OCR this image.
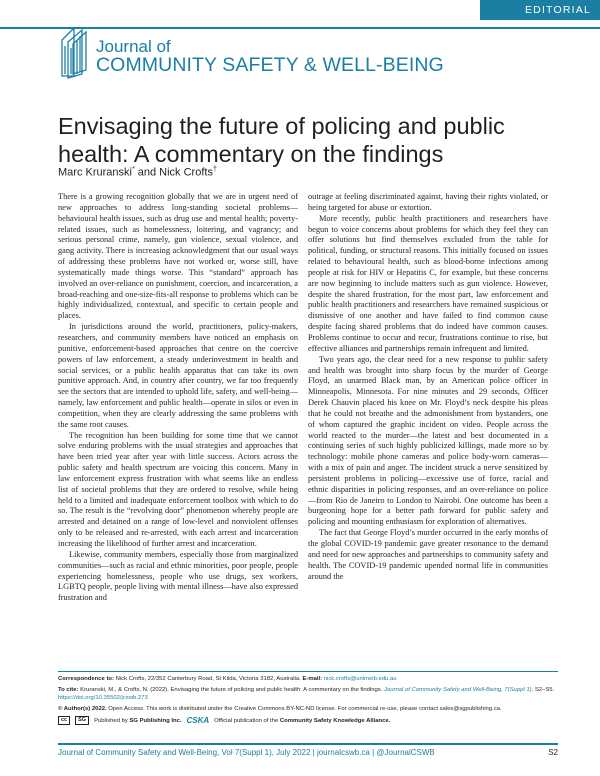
EDITORIAL
Journal of
COMMUNITY SAFETY & WELL-BEING
Envisaging the future of policing and public health: A commentary on the findings
Marc Kruranski* and Nick Crofts†

There is a growing recognition globally that we are in urgent need of new approaches to address long-standing societal problems—behavioural health issues, such as drug use and mental health; poverty-related issues, such as homelessness, loitering, and vagrancy; and serious personal crime, namely, gun violence, sexual violence, and gang activity. There is increasing acknowledgment that our usual ways of addressing these problems have not worked or, worse still, have systematically made things worse. This “standard” approach has involved an over-reliance on punishment, coercion, and incarceration, a broad-reaching and one-size-fits-all response to problems which can be highly individualized, contextual, and specific to certain people and places.

In jurisdictions around the world, practitioners, policy-makers, researchers, and community members have noticed an emphasis on punitive, enforcement-based approaches that centre on the coercive powers of law enforcement, a steady underinvestment in health and social services, or a public health apparatus that can take its own punitive approach. And, in country after country, we far too frequently see the sectors that are intended to uphold life, safety, and well-being—namely, law enforcement and public health—operate in silos or even in competition, when they are clearly addressing the same problems with the same root causes.

The recognition has been building for some time that we cannot solve enduring problems with the usual strategies and approaches that have been tried year after year with little success. Actors across the public safety and health spectrum are voicing this concern. Many in law enforcement express frustration with what seems like an endless list of societal problems that they are ordered to resolve, while being held to a limited and inadequate enforcement toolbox with which to do so. The result is the “revolving door” phenomenon whereby people are arrested and detained on a range of low-level and nonviolent offenses only to be released and re-arrested, with each arrest and incarceration increasing the likelihood of further arrest and incarceration.

Likewise, community members, especially those from marginalized communities—such as racial and ethnic minorities, poor people, people experiencing homelessness, people who use drugs, sex workers, LGBTQ people, people living with mental illness—have also expressed frustration and

outrage at feeling discriminated against, having their rights violated, or being targeted for abuse or extortion.

More recently, public health practitioners and researchers have begun to voice concerns about problems for which they feel they can offer solutions but find themselves excluded from the table for political, funding, or structural reasons. This initially focused on issues related to behavioural health, such as blood-borne infections among people at risk for HIV or Hepatitis C, for example, but these concerns are now beginning to include matters such as gun violence. However, despite the shared frustration, for the most part, law enforcement and public health practitioners and researchers have remained suspicious or dismissive of one another and have failed to find common cause despite facing shared problems that do indeed have common causes. Problems continue to occur and recur, frustrations continue to rise, but effective alliances and partnerships remain infrequent and limited.

Two years ago, the clear need for a new response to public safety and health was brought into sharp focus by the murder of George Floyd, an unarmed Black man, by an American police officer in Minneapolis, Minnesota. For nine minutes and 29 seconds, Officer Derek Chauvin placed his knee on Mr. Floyd’s neck despite his pleas that he could not breathe and the admonishment from bystanders, one of whom captured the graphic incident on video. People across the world reacted to the murder—the latest and best documented in a continuing series of such highly publicized killings, made more so by technology: mobile phone cameras and police body-worn cameras—with a mix of pain and anger. The incident struck a nerve sensitized by persistent problems in policing—excessive use of force, racial and ethnic disparities in policing responses, and an over-reliance on police—from Rio de Janeiro to London to Nairobi. One outcome has been a burgeoning hope for a better path forward for public safety and policing and mounting enthusiasm for exploration of alternatives.

The fact that George Floyd’s murder occurred in the early months of the global COVID-19 pandemic gave greater resonance to the demand and need for new approaches and partnerships to community safety and health. The COVID-19 pandemic upended normal life in communities around the

Correspondence to: Nick Crofts, 22/352 Canterbury Road, St Kilda, Victoria 3182, Australia. E-mail: nick.crofts@unimelb.edu.au
To cite: Kruranski, M., & Crofts, N. (2022). Envisaging the future of policing and public health: A commentary on the findings. Journal of Community Safety and Well-Being, 7(Suppl 1), S2–S5. https://doi.org/10.35502/jcswb.273
© Author(s) 2022. Open Access. This work is distributed under the Creative Commons BY-NC-ND license. For commercial re-use, please contact sales@sgpublishing.ca.
cc	SG	Published by SG Publishing Inc. CSKA Official publication of the Community Safety Knowledge Alliance.
Journal of Community Safety and Well-Being, Vol 7(Suppl 1), July 2022 | journalcswb.ca | @JournalCSWB	S2
